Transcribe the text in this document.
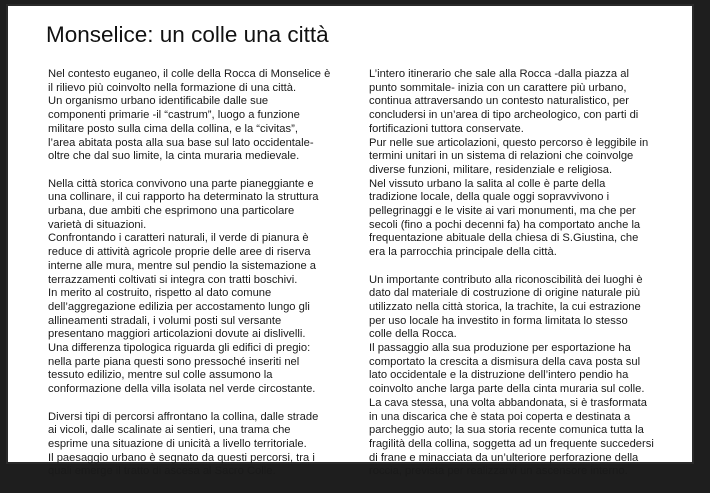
Monselice: un colle una città
Nel contesto euganeo, il colle della Rocca di Monselice è
il rilievo più coinvolto nella formazione di una città.
Un organismo urbano identificabile dalle sue
componenti primarie -il “castrum”, luogo a funzione
militare posto sulla cima della collina, e la “civitas”,
l’area abitata posta alla sua base sul lato occidentale-
oltre che dal suo limite, la cinta muraria medievale.
Nella città storica convivono una parte pianeggiante e
una collinare, il cui rapporto ha determinato la struttura
urbana, due ambiti che esprimono una particolare
varietà di situazioni.
Confrontando i caratteri naturali, il verde di pianura è
reduce di attività agricole proprie delle aree di riserva
interne alle mura, mentre sul pendio la sistemazione a
terrazzamenti coltivati si integra con tratti boschivi.
In merito al costruito, rispetto al dato comune
dell’aggregazione edilizia per accostamento lungo gli
allineamenti stradali, i volumi posti sul versante
presentano maggiori articolazioni dovute ai dislivelli.
Una differenza tipologica riguarda gli edifici di pregio:
nella parte piana questi sono pressoché inseriti nel
tessuto edilizio, mentre sul colle assumono la
conformazione della villa isolata nel verde circostante.
Diversi tipi di percorsi affrontano la collina, dalle strade
ai vicoli, dalle scalinate ai sentieri, una trama che
esprime una situazione di unicità a livello territoriale.
Il paesaggio urbano è segnato da questi percorsi, tra i
quali emerge il tratto di ascesa al Sacro Colle.
L’intero itinerario che sale alla Rocca -dalla piazza al
punto sommitale- inizia con un carattere più urbano,
continua attraversando un contesto naturalistico, per
concludersi in un’area di tipo archeologico, con parti di
fortificazioni tuttora conservate.
Pur nelle sue articolazioni, questo percorso è leggibile in
termini unitari in un sistema di relazioni che coinvolge
diverse funzioni, militare, residenziale e religiosa.
Nel vissuto urbano la salita al colle è parte della
tradizione locale, della quale oggi sopravvivono i
pellegrinaggi e le visite ai vari monumenti, ma che per
secoli (fino a pochi decenni fa) ha comportato anche la
frequentazione abituale della chiesa di S.Giustina, che
era la parrocchia principale della città.
Un importante contributo alla riconoscibilità dei luoghi è
dato dal materiale di costruzione di origine naturale più
utilizzato nella città storica, la trachite, la cui estrazione
per uso locale ha investito in forma limitata lo stesso
colle della Rocca.
Il passaggio alla sua produzione per esportazione ha
comportato la crescita a dismisura della cava posta sul
lato occidentale e la distruzione dell’intero pendio ha
coinvolto anche larga parte della cinta muraria sul colle.
La cava stessa, una volta abbandonata, si è trasformata
in una discarica che è stata poi coperta e destinata a
parcheggio auto; la sua storia recente comunica tutta la
fragilità della collina, soggetta ad un frequente succedersi
di frane e minacciata da un’ulteriore perforazione della
roccia, prevista per realizzarvi un ascensore interno.
